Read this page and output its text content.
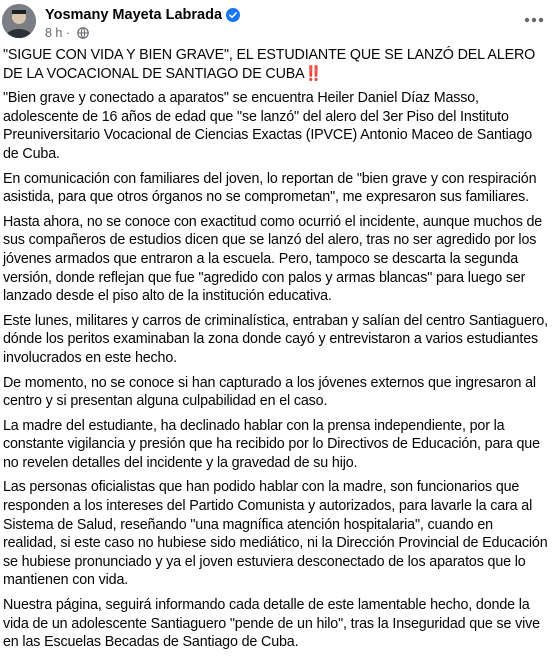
Yosmany Mayeta Labrada
8 h ·

"SIGUE CON VIDA Y BIEN GRAVE", EL ESTUDIANTE QUE SE LANZÓ DEL ALERO DE LA VOCACIONAL DE SANTIAGO DE CUBA‼️

"Bien grave y conectado a aparatos" se encuentra Heiler Daniel Díaz Masso, adolescente de 16 años de edad que "se lanzó" del alero del 3er Piso del Instituto Preuniversitario Vocacional de Ciencias Exactas (IPVCE) Antonio Maceo de Santiago de Cuba.

En comunicación con familiares del joven, lo reportan de "bien grave y con respiración asistida, para que otros órganos no se comprometan", me expresaron sus familiares.

Hasta ahora, no se conoce con exactitud como ocurrió el incidente, aunque muchos de sus compañeros de estudios dicen que se lanzó del alero, tras no ser agredido por los jóvenes armados que entraron a la escuela. Pero, tampoco se descarta la segunda versión, donde reflejan que fue "agredido con palos y armas blancas" para luego ser lanzado desde el piso alto de la institución educativa.

Este lunes, militares y carros de criminalística, entraban y salían del centro Santiaguero, dónde los peritos examinaban la zona donde cayó y entrevistaron a varios estudiantes involucrados en este hecho.

De momento, no se conoce si han capturado a los jóvenes externos que ingresaron al centro y si presentan alguna culpabilidad en el caso.

La madre del estudiante, ha declinado hablar con la prensa independiente, por la constante vigilancia y presión que ha recibido por lo Directivos de Educación, para que no revelen detalles del incidente y la gravedad de su hijo.

Las personas oficialistas que han podido hablar con la madre, son funcionarios que responden a los intereses del Partido Comunista y autorizados, para lavarle la cara al Sistema de Salud, reseñando "una magnífica atención hospitalaria", cuando en realidad, si este caso no hubiese sido mediático, ni la Dirección Provincial de Educación se hubiese pronunciado y ya el joven estuviera desconectado de los aparatos que lo mantienen con vida.

Nuestra página, seguirá informando cada detalle de este lamentable hecho, donde la vida de un adolescente Santiaguero "pende de un hilo", tras la Inseguridad que se vive en las Escuelas Becadas de Santiago de Cuba.
